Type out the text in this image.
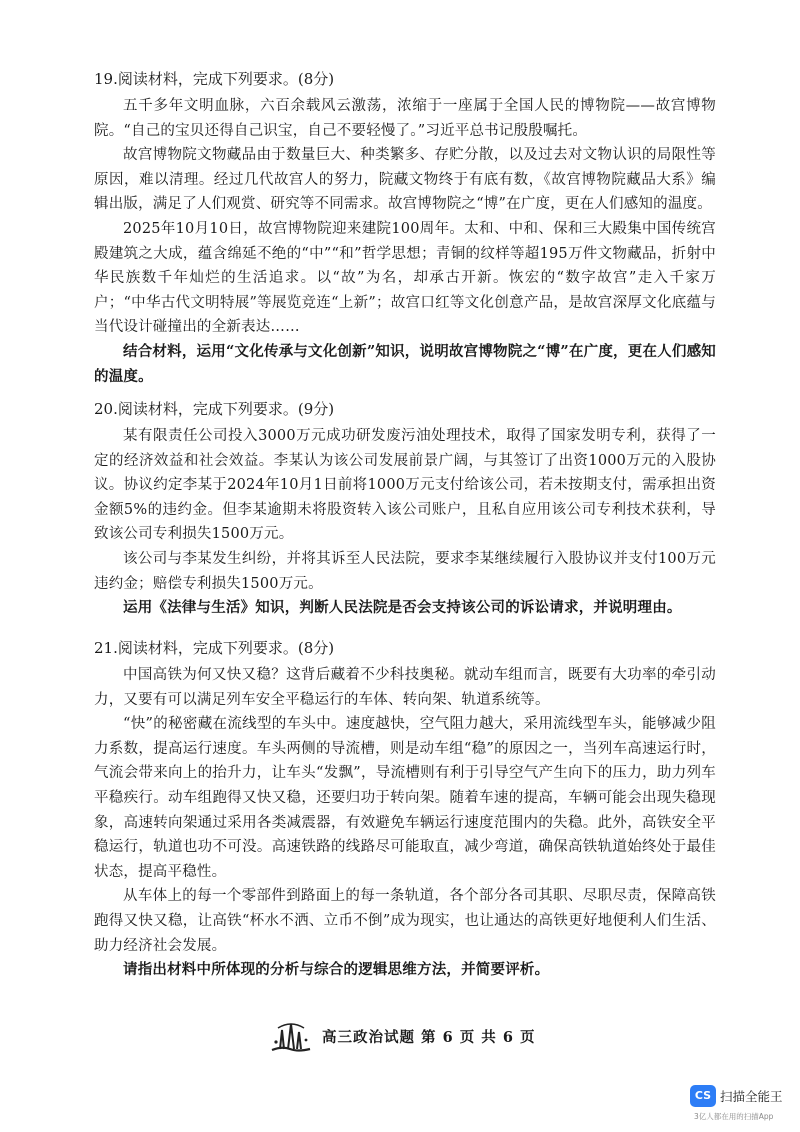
19.阅读材料，完成下列要求。(8分)

五千多年文明血脉，六百余载风云激荡，浓缩于一座属于全国人民的博物院——故宫博物院。“自己的宝贝还得自己识宝，自己不要轻慢了。”习近平总书记殷殷嘱托。

故宫博物院文物藏品由于数量巨大、种类繁多、存贮分散，以及过去对文物认识的局限性等原因，难以清理。经过几代故宫人的努力，院藏文物终于有底有数，《故宫博物院藏品大系》编辑出版，满足了人们观赏、研究等不同需求。故宫博物院之“博”在广度，更在人们感知的温度。

2025年10月10日，故宫博物院迎来建院100周年。太和、中和、保和三大殿集中国传统宫殿建筑之大成，蕴含绵延不绝的“中”“和”哲学思想；青铜的纹样等超195万件文物藏品，折射中华民族数千年灿烂的生活追求。以“故”为名，却承古开新。恢宏的“数字故宫”走入千家万户；“中华古代文明特展”等展览竞连“上新”；故宫口红等文化创意产品，是故宫深厚文化底蕴与当代设计碰撞出的全新表达……

结合材料，运用“文化传承与文化创新”知识，说明故宫博物院之“博”在广度，更在人们感知的温度。

20.阅读材料，完成下列要求。(9分)

某有限责任公司投入3000万元成功研发废污油处理技术，取得了国家发明专利，获得了一定的经济效益和社会效益。李某认为该公司发展前景广阔，与其签订了出资1000万元的入股协议。协议约定李某于2024年10月1日前将1000万元支付给该公司，若未按期支付，需承担出资金额5%的违约金。但李某逾期未将股资转入该公司账户，且私自应用该公司专利技术获利，导致该公司专利损失1500万元。

该公司与李某发生纠纷，并将其诉至人民法院，要求李某继续履行入股协议并支付100万元违约金；赔偿专利损失1500万元。

运用《法律与生活》知识，判断人民法院是否会支持该公司的诉讼请求，并说明理由。

21.阅读材料，完成下列要求。(8分)

中国高铁为何又快又稳？这背后藏着不少科技奥秘。就动车组而言，既要有大功率的牵引动力，又要有可以满足列车安全平稳运行的车体、转向架、轨道系统等。

“快”的秘密藏在流线型的车头中。速度越快，空气阻力越大，采用流线型车头，能够减少阻力系数，提高运行速度。车头两侧的导流槽，则是动车组“稳”的原因之一，当列车高速运行时，气流会带来向上的抬升力，让车头“发飘”，导流槽则有利于引导空气产生向下的压力，助力列车平稳疾行。动车组跑得又快又稳，还要归功于转向架。随着车速的提高，车辆可能会出现失稳现象，高速转向架通过采用各类减震器，有效避免车辆运行速度范围内的失稳。此外，高铁安全平稳运行，轨道也功不可没。高速铁路的线路尽可能取直，减少弯道，确保高铁轨道始终处于最佳状态，提高平稳性。

从车体上的每一个零部件到路面上的每一条轨道，各个部分各司其职、尽职尽责，保障高铁跑得又快又稳，让高铁“杯水不洒、立币不倒”成为现实，也让通达的高铁更好地便利人们生活、助力经济社会发展。

请指出材料中所体现的分析与综合的逻辑思维方法，并简要评析。

高三政治试题 第 6 页 共 6 页
CS 扫描全能王
3亿人都在用的扫描App
